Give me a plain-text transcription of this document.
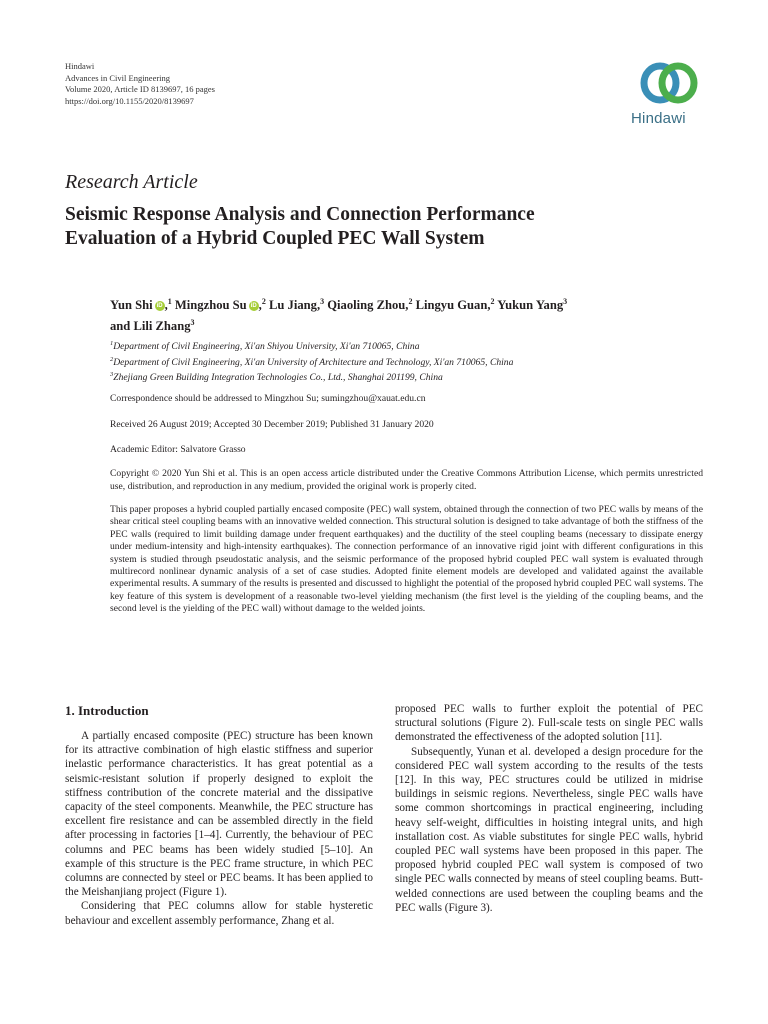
Hindawi
Advances in Civil Engineering
Volume 2020, Article ID 8139697, 16 pages
https://doi.org/10.1155/2020/8139697
Hindawi
Research Article
Seismic Response Analysis and Connection Performance
Evaluation of a Hybrid Coupled PEC Wall System
Yun Shi iD ,$^1$ Mingzhou Su iD ,$^2$ Lu Jiang,$^3$ Qiaoling Zhou,$^2$ Lingyu Guan,$^2$ Yukun Yang$^3$
and Lili Zhang$^3$
$^1$Department of Civil Engineering, Xi'an Shiyou University, Xi'an 710065, China
$^2$Department of Civil Engineering, Xi'an University of Architecture and Technology, Xi'an 710065, China
$^3$Zhejiang Green Building Integration Technologies Co., Ltd., Shanghai 201199, China
Correspondence should be addressed to Mingzhou Su; sumingzhou@xauat.edu.cn
Received 26 August 2019; Accepted 30 December 2019; Published 31 January 2020
Academic Editor: Salvatore Grasso
Copyright © 2020 Yun Shi et al. This is an open access article distributed under the Creative Commons Attribution License, which permits unrestricted use, distribution, and reproduction in any medium, provided the original work is properly cited.
This paper proposes a hybrid coupled partially encased composite (PEC) wall system, obtained through the connection of two PEC walls by means of the shear critical steel coupling beams with an innovative welded connection. This structural solution is designed to take advantage of both the stiffness of the PEC walls (required to limit building damage under frequent earthquakes) and the ductility of the steel coupling beams (necessary to dissipate energy under medium-intensity and high-intensity earthquakes). The connection performance of an innovative rigid joint with different configurations in this system is studied through pseudostatic analysis, and the seismic performance of the proposed hybrid coupled PEC wall system is evaluated through multirecord nonlinear dynamic analysis of a set of case studies. Adopted finite element models are developed and validated against the available experimental results. A summary of the results is presented and discussed to highlight the potential of the proposed hybrid coupled PEC wall systems. The key feature of this system is development of a reasonable two-level yielding mechanism (the first level is the yielding of the coupling beams, and the second level is the yielding of the PEC wall) without damage to the welded joints.
1. Introduction

A partially encased composite (PEC) structure has been known for its attractive combination of high elastic stiffness and superior inelastic performance characteristics. It has great potential as a seismic-resistant solution if properly designed to exploit the stiffness contribution of the concrete material and the dissipative capacity of the steel components. Meanwhile, the PEC structure has excellent fire resistance and can be assembled directly in the field after processing in factories [1–4]. Currently, the behaviour of PEC columns and PEC beams has been widely studied [5–10]. An example of this structure is the PEC frame structure, in which PEC columns are connected by steel or PEC beams. It has been applied to the Meishanjiang project (Figure 1).

Considering that PEC columns allow for stable hysteretic behaviour and excellent assembly performance, Zhang et al.

proposed PEC walls to further exploit the potential of PEC structural solutions (Figure 2). Full-scale tests on single PEC walls demonstrated the effectiveness of the adopted solution [11].

Subsequently, Yunan et al. developed a design procedure for the considered PEC wall system according to the results of the tests [12]. In this way, PEC structures could be utilized in midrise buildings in seismic regions. Nevertheless, single PEC walls have some common shortcomings in practical engineering, including heavy self-weight, difficulties in hoisting integral units, and high installation cost. As viable substitutes for single PEC walls, hybrid coupled PEC wall systems have been proposed in this paper. The proposed hybrid coupled PEC wall system is composed of two single PEC walls connected by means of steel coupling beams. Butt-welded connections are used between the coupling beams and the PEC walls (Figure 3).
